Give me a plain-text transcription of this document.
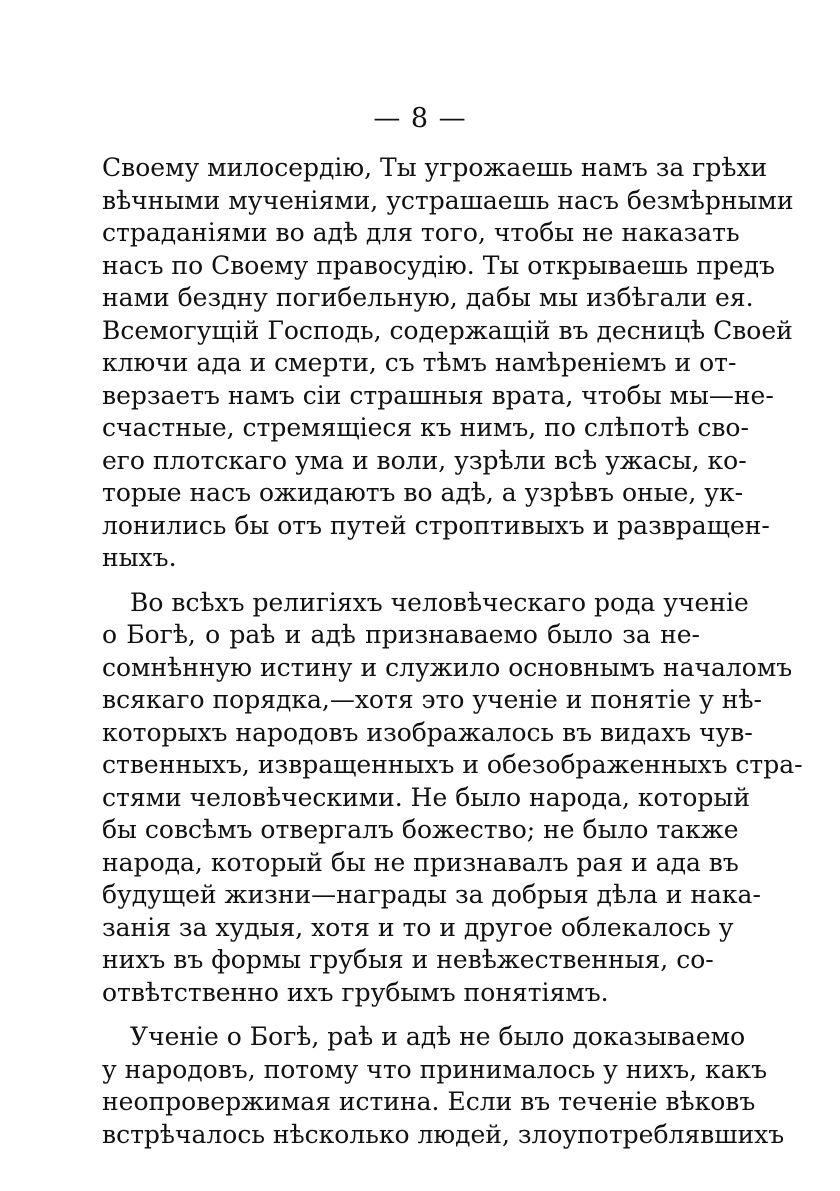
— 8 —
Своему милосердію, Ты угрожаешь намъ за грѣхи
вѣчными мученіями, устрашаешь насъ безмѣрными
страданіями во адѣ для того, чтобы не наказать
насъ по Своему правосудію. Ты открываешь предъ
нами бездну погибельную, дабы мы избѣгали ея.
Всемогущій Господь, содержащій въ десницѣ Своей
ключи ада и смерти, съ тѣмъ намѣреніемъ и от-
верзаетъ намъ сіи страшныя врата, чтобы мы—не-
счастные, стремящіеся къ нимъ, по слѣпотѣ сво-
его плотскаго ума и воли, узрѣли всѣ ужасы, ко-
торые насъ ожидаютъ во адѣ, а узрѣвъ оные, ук-
лонились бы отъ путей строптивыхъ и развращен-
ныхъ.
Во всѣхъ религіяхъ человѣческаго рода ученіе
о Богѣ, о раѣ и адѣ признаваемо было за не-
сомнѣнную истину и служило основнымъ началомъ
всякаго порядка,—хотя это ученіе и понятіе у нѣ-
которыхъ народовъ изображалось въ видахъ чув-
ственныхъ, извращенныхъ и обезображенныхъ стра-
стями человѣческими. Не было народа, который
бы совсѣмъ отвергалъ божество; не было также
народа, который бы не признавалъ рая и ада въ
будущей жизни—награды за добрыя дѣла и нака-
занія за худыя, хотя и то и другое облекалось у
нихъ въ формы грубыя и невѣжественныя, со-
отвѣтственно ихъ грубымъ понятіямъ.
Ученіе о Богѣ, раѣ и адѣ не было доказываемо
у народовъ, потому что принималось у нихъ, какъ
неопровержимая истина. Если въ теченіе вѣковъ
встрѣчалось нѣсколько людей, злоупотреблявшихъ
